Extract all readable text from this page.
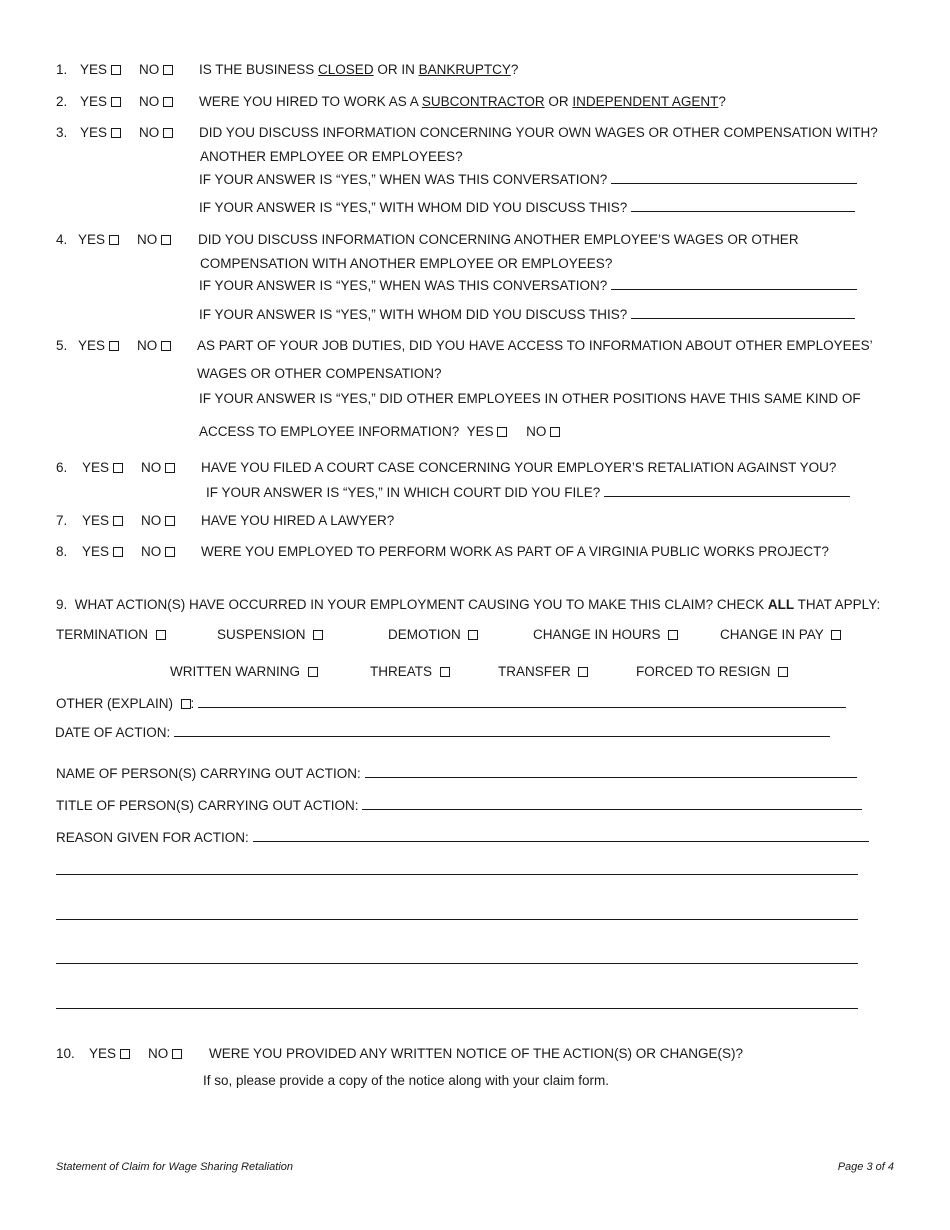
1. YES	NO	IS THE BUSINESS CLOSED OR IN BANKRUPTCY?
2. YES	NO	WERE YOU HIRED TO WORK AS A SUBCONTRACTOR OR INDEPENDENT AGENT?
3. YES	NO	DID YOU DISCUSS INFORMATION CONCERNING YOUR OWN WAGES OR OTHER COMPENSATION WITH?
ANOTHER EMPLOYEE OR EMPLOYEES?
IF YOUR ANSWER IS “YES,” WHEN WAS THIS CONVERSATION?
IF YOUR ANSWER IS “YES,” WITH WHOM DID YOU DISCUSS THIS?
4. YES	NO	DID YOU DISCUSS INFORMATION CONCERNING ANOTHER EMPLOYEE’S WAGES OR OTHER
COMPENSATION WITH ANOTHER EMPLOYEE OR EMPLOYEES?
IF YOUR ANSWER IS “YES,” WHEN WAS THIS CONVERSATION?
IF YOUR ANSWER IS “YES,” WITH WHOM DID YOU DISCUSS THIS?
5. YES	NO	AS PART OF YOUR JOB DUTIES, DID YOU HAVE ACCESS TO INFORMATION ABOUT OTHER EMPLOYEES’
WAGES OR OTHER COMPENSATION?
IF YOUR ANSWER IS “YES,” DID OTHER EMPLOYEES IN OTHER POSITIONS HAVE THIS SAME KIND OF
ACCESS TO EMPLOYEE INFORMATION? YES NO
6. YES	NO	HAVE YOU FILED A COURT CASE CONCERNING YOUR EMPLOYER’S RETALIATION AGAINST YOU?
IF YOUR ANSWER IS “YES,” IN WHICH COURT DID YOU FILE?
7. YES	NO	HAVE YOU HIRED A LAWYER?
8. YES	NO	WERE YOU EMPLOYED TO PERFORM WORK AS PART OF A VIRGINIA PUBLIC WORKS PROJECT?
9. WHAT ACTION(S) HAVE OCCURRED IN YOUR EMPLOYMENT CAUSING YOU TO MAKE THIS CLAIM? CHECK ALL THAT APPLY:
TERMINATION	SUSPENSION	DEMOTION	CHANGE IN HOURS	CHANGE IN PAY
WRITTEN WARNING	THREATS	TRANSFER	FORCED TO RESIGN
OTHER (EXPLAIN) :
DATE OF ACTION:
NAME OF PERSON(S) CARRYING OUT ACTION:
TITLE OF PERSON(S) CARRYING OUT ACTION:
REASON GIVEN FOR ACTION:
10. YES	NO	WERE YOU PROVIDED ANY WRITTEN NOTICE OF THE ACTION(S) OR CHANGE(S)?
If so, please provide a copy of the notice along with your claim form.
Statement of Claim for Wage Sharing Retaliation	Page 3 of 4
